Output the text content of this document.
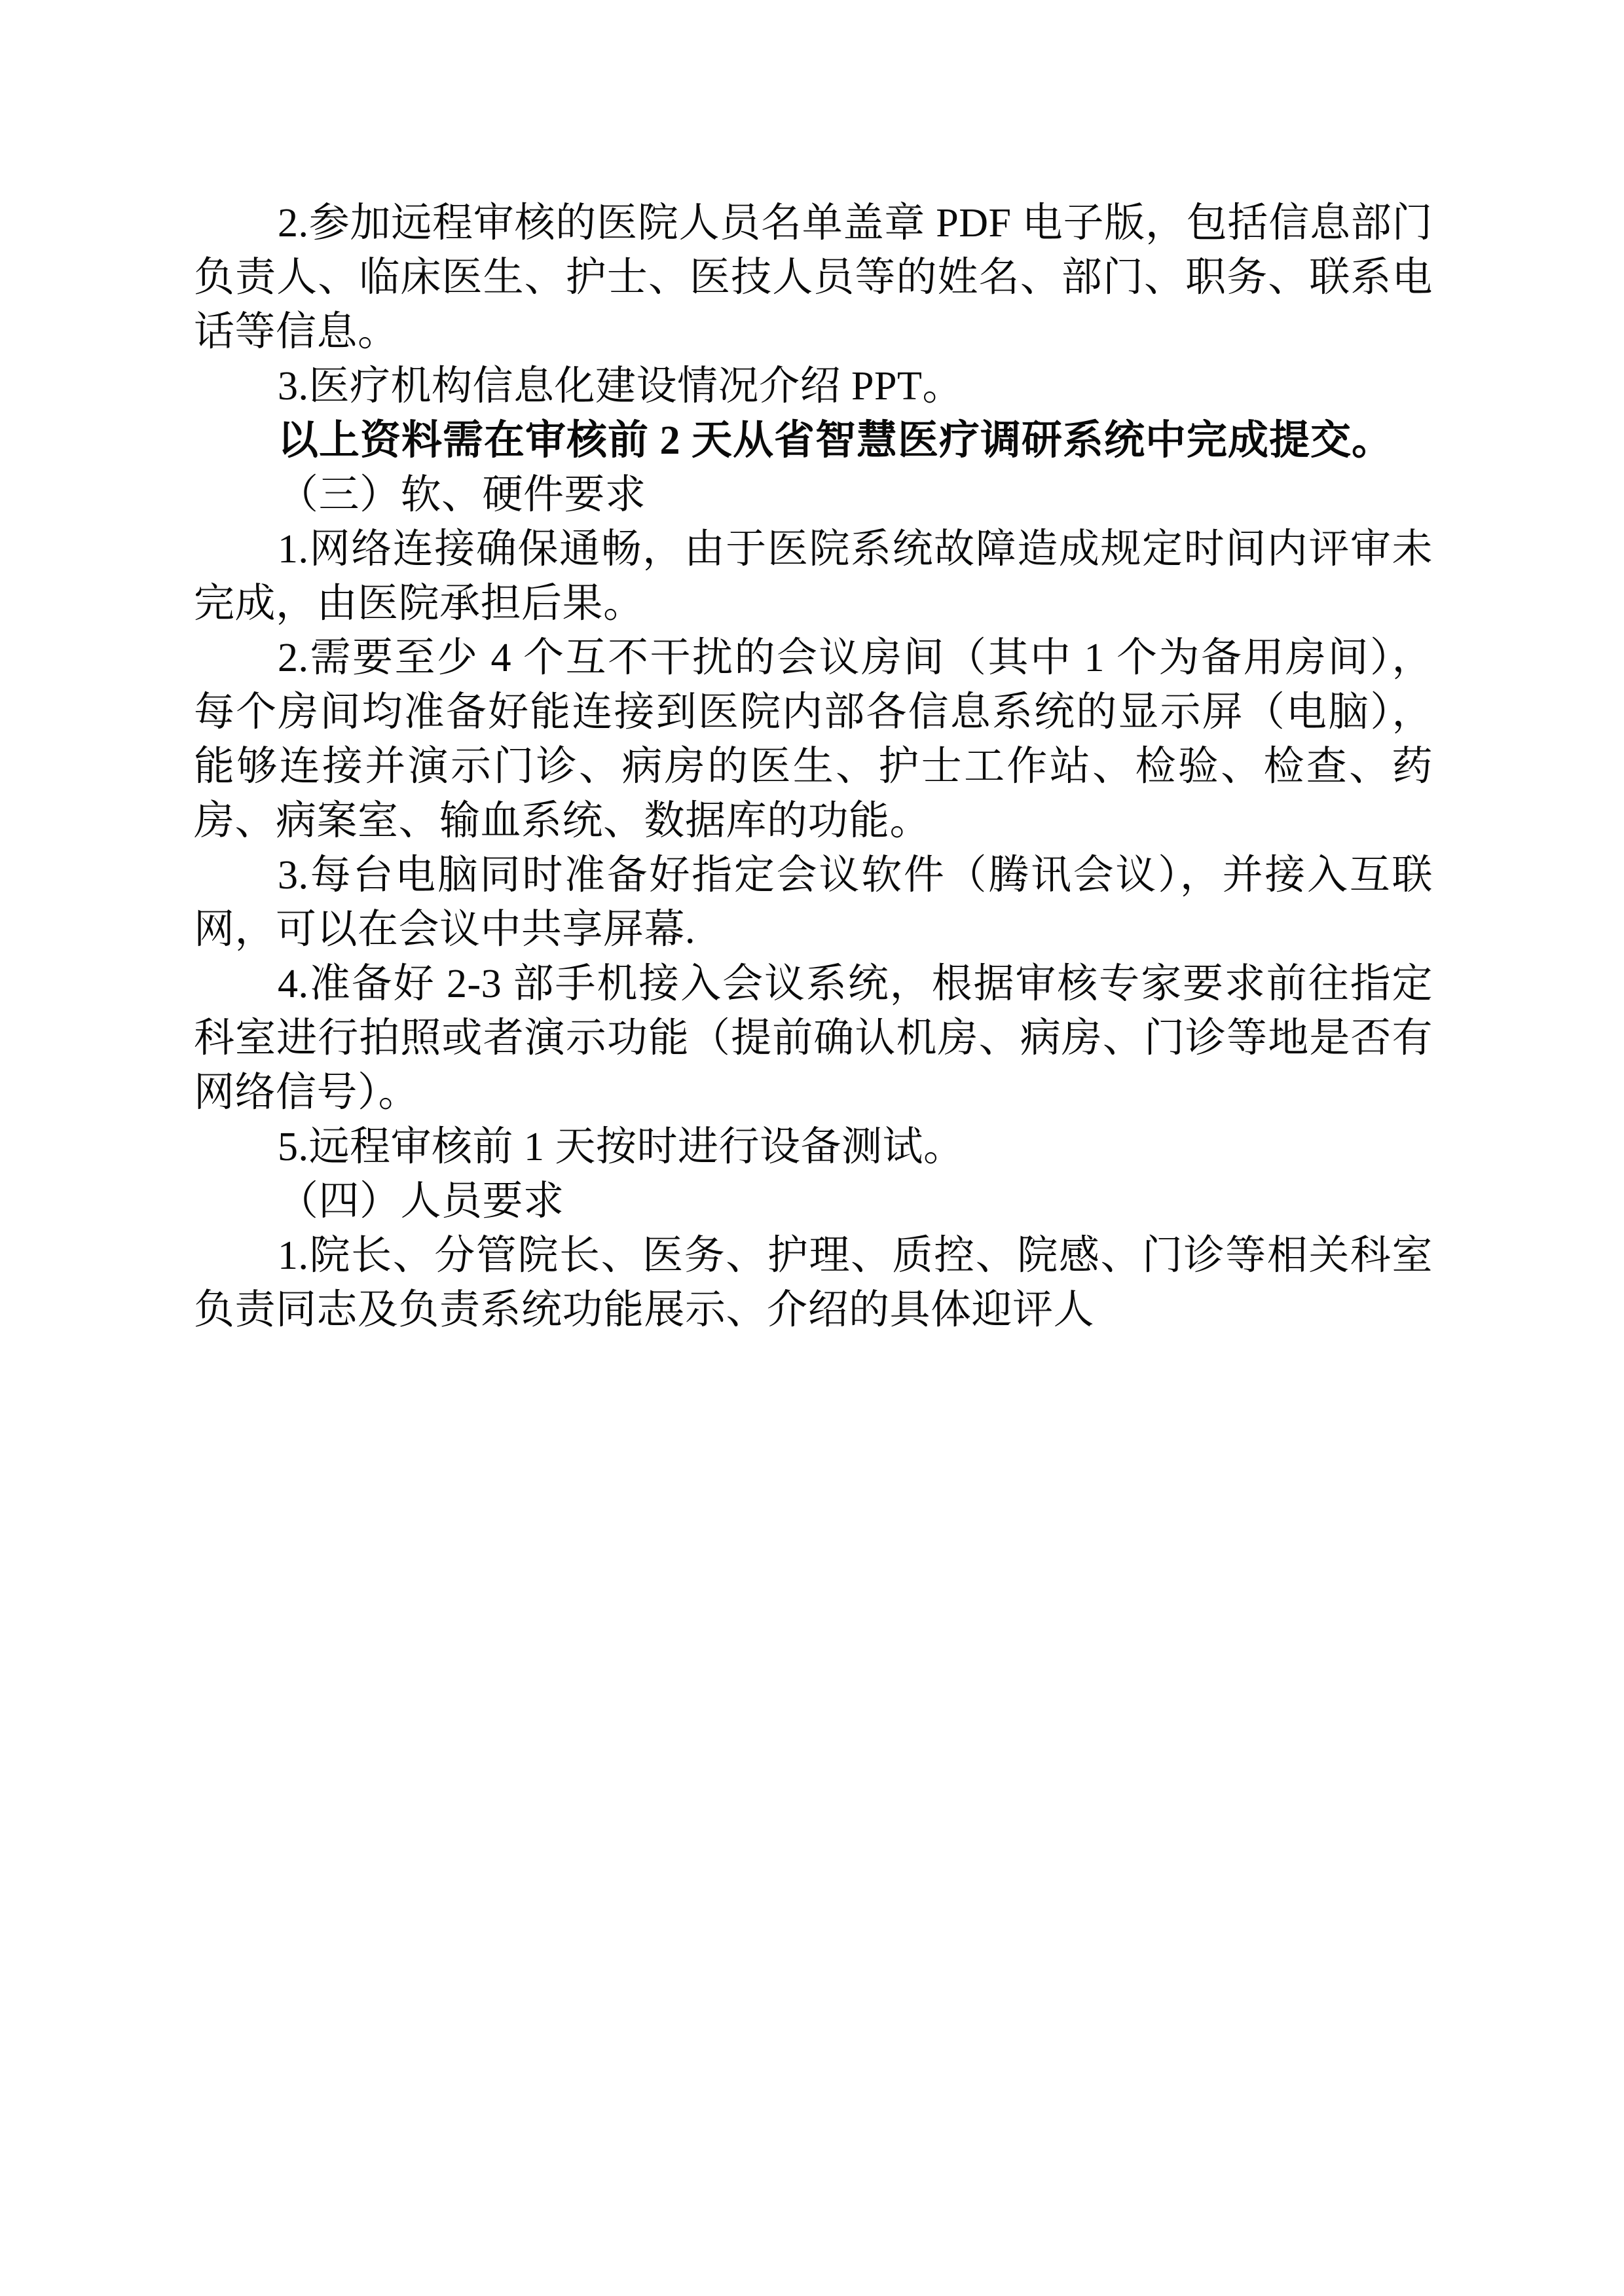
2.参加远程审核的医院人员名单盖章 PDF 电子版，包括信息部门负责人、临床医生、护士、医技人员等的姓名、部门、职务、联系电话等信息。

3.医疗机构信息化建设情况介绍 PPT。

以上资料需在审核前 2 天从省智慧医疗调研系统中完成提交。

（三）软、硬件要求

1.网络连接确保通畅，由于医院系统故障造成规定时间内评审未完成，由医院承担后果。

2.需要至少 4 个互不干扰的会议房间（其中 1 个为备用房间），每个房间均准备好能连接到医院内部各信息系统的显示屏（电脑），能够连接并演示门诊、病房的医生、护士工作站、检验、检查、药房、病案室、输血系统、数据库的功能。

3.每台电脑同时准备好指定会议软件（腾讯会议），并接入互联网，可以在会议中共享屏幕.

4.准备好 2-3 部手机接入会议系统，根据审核专家要求前往指定科室进行拍照或者演示功能（提前确认机房、病房、门诊等地是否有网络信号）。

5.远程审核前 1 天按时进行设备测试。

（四）人员要求

1.院长、分管院长、医务、护理、质控、院感、门诊等相关科室负责同志及负责系统功能展示、介绍的具体迎评人
